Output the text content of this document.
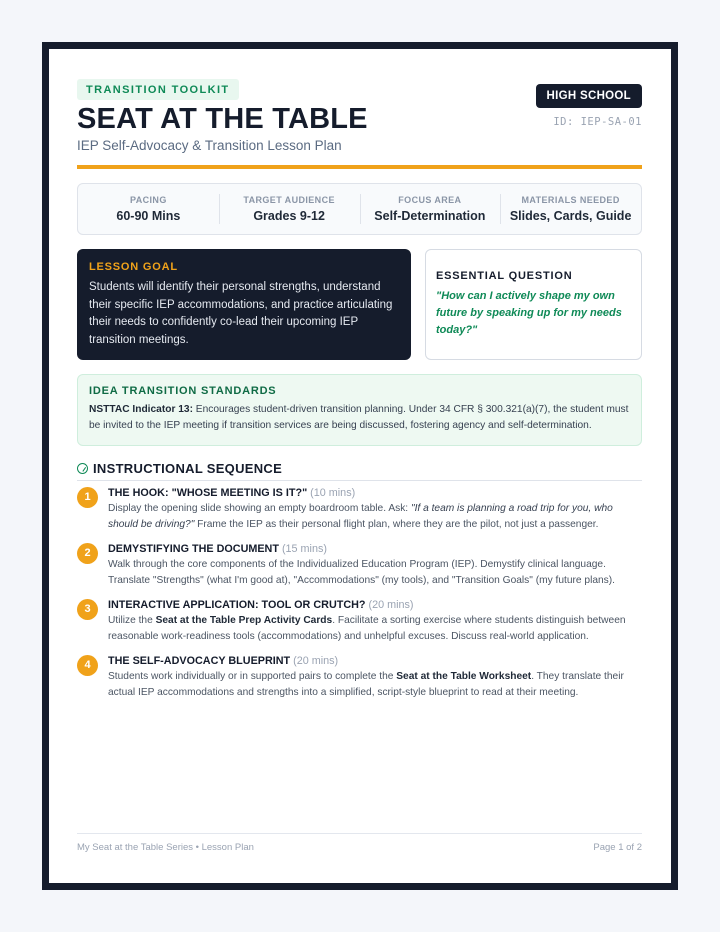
TRANSITION TOOLKIT	HIGH SCHOOL
ID: IEP-SA-01
SEAT AT THE TABLE
IEP Self-Advocacy & Transition Lesson Plan
PACING
60-90 Mins
TARGET AUDIENCE
Grades 9-12
FOCUS AREA
Self-Determination
MATERIALS NEEDED
Slides, Cards, Guide
LESSON GOAL
Students will identify their personal strengths, understand their specific IEP accommodations, and practice articulating their needs to confidently co-lead their upcoming IEP transition meetings.
ESSENTIAL QUESTION
"How can I actively shape my own future by speaking up for my needs today?"
IDEA TRANSITION STANDARDS
NSTTAC Indicator 13: Encourages student-driven transition planning. Under 34 CFR § 300.321(a)(7), the student must be invited to the IEP meeting if transition services are being discussed, fostering agency and self-determination.
INSTRUCTIONAL SEQUENCE
1	THE HOOK: "WHOSE MEETING IS IT?" (10 mins)
Display the opening slide showing an empty boardroom table. Ask: "If a team is planning a road trip for you, who should be driving?" Frame the IEP as their personal flight plan, where they are the pilot, not just a passenger.
2	DEMYSTIFYING THE DOCUMENT (15 mins)
Walk through the core components of the Individualized Education Program (IEP). Demystify clinical language. Translate "Strengths" (what I'm good at), "Accommodations" (my tools), and "Transition Goals" (my future plans).
3	INTERACTIVE APPLICATION: TOOL OR CRUTCH? (20 mins)
Utilize the Seat at the Table Prep Activity Cards. Facilitate a sorting exercise where students distinguish between reasonable work-readiness tools (accommodations) and unhelpful excuses. Discuss real-world application.
4	THE SELF-ADVOCACY BLUEPRINT (20 mins)
Students work individually or in supported pairs to complete the Seat at the Table Worksheet. They translate their actual IEP accommodations and strengths into a simplified, script-style blueprint to read at their meeting.
My Seat at the Table Series • Lesson Plan	Page 1 of 2
